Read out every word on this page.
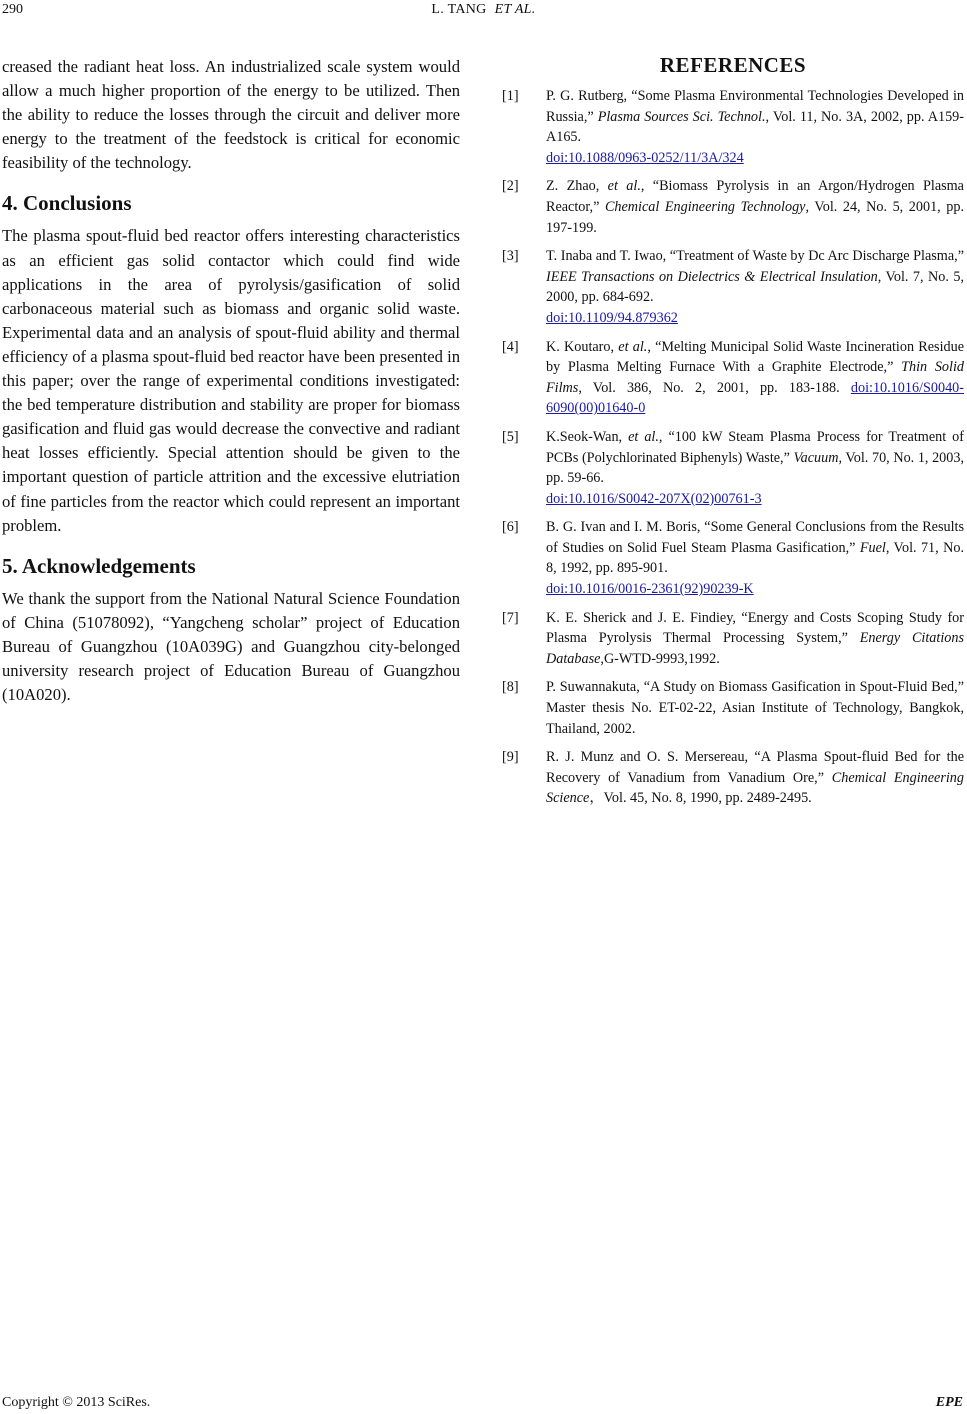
290	L. TANG ET AL.

creased the radiant heat loss. An industrialized scale system would allow a much higher proportion of the energy to be utilized. Then the ability to reduce the losses through the circuit and deliver more energy to the treatment of the feedstock is critical for economic feasibility of the technology.

4. Conclusions

The plasma spout-fluid bed reactor offers interesting characteristics as an efficient gas solid contactor which could find wide applications in the area of pyrolysis/gasification of solid carbonaceous material such as biomass and organic solid waste. Experimental data and an analysis of spout-fluid ability and thermal efficiency of a plasma spout-fluid bed reactor have been presented in this paper; over the range of experimental conditions investigated: the bed temperature distribution and stability are proper for biomass gasification and fluid gas would decrease the convective and radiant heat losses efficiently. Special attention should be given to the important question of particle attrition and the excessive elutriation of fine particles from the reactor which could represent an important problem.

5. Acknowledgements

We thank the support from the National Natural Science Foundation of China (51078092), “Yangcheng scholar” project of Education Bureau of Guangzhou (10A039G) and Guangzhou city-belonged university research project of Education Bureau of Guangzhou (10A020).

REFERENCES
[1]	P. G. Rutberg, “Some Plasma Environmental Technologies Developed in Russia,” Plasma Sources Sci. Technol., Vol. 11, No. 3A, 2002, pp. A159-A165.
doi:10.1088/0963-0252/11/3A/324
[2]	Z. Zhao, et al., “Biomass Pyrolysis in an Argon/Hydrogen Plasma Reactor,” Chemical Engineering Technology, Vol. 24, No. 5, 2001, pp. 197-199.
[3]	T. Inaba and T. Iwao, “Treatment of Waste by Dc Arc Discharge Plasma,” IEEE Transactions on Dielectrics & Electrical Insulation, Vol. 7, No. 5, 2000, pp. 684-692.
doi:10.1109/94.879362
[4]	K. Koutaro, et al., “Melting Municipal Solid Waste Incineration Residue by Plasma Melting Furnace With a Graphite Electrode,” Thin Solid Films, Vol. 386, No. 2, 2001, pp. 183-188. doi:10.1016/S0040-6090(00)01640-0
[5]	K.Seok-Wan, et al., “100 kW Steam Plasma Process for Treatment of PCBs (Polychlorinated Biphenyls) Waste,” Vacuum, Vol. 70, No. 1, 2003, pp. 59-66.
doi:10.1016/S0042-207X(02)00761-3
[6]	B. G. Ivan and I. M. Boris, “Some General Conclusions from the Results of Studies on Solid Fuel Steam Plasma Gasification,” Fuel, Vol. 71, No. 8, 1992, pp. 895-901.
doi:10.1016/0016-2361(92)90239-K
[7]	K. E. Sherick and J. E. Findiey, “Energy and Costs Scoping Study for Plasma Pyrolysis Thermal Processing System,” Energy Citations Database,G-WTD-9993,1992.
[8]	P. Suwannakuta, “A Study on Biomass Gasification in Spout-Fluid Bed,” Master thesis No. ET-02-22, Asian Institute of Technology, Bangkok, Thailand, 2002.
[9]	R. J. Munz and O. S. Mersereau, “A Plasma Spout-fluid Bed for the Recovery of Vanadium from Vanadium Ore,” Chemical Engineering Science，Vol. 45, No. 8, 1990, pp. 2489-2495.
Copyright © 2013 SciRes.	EPE
